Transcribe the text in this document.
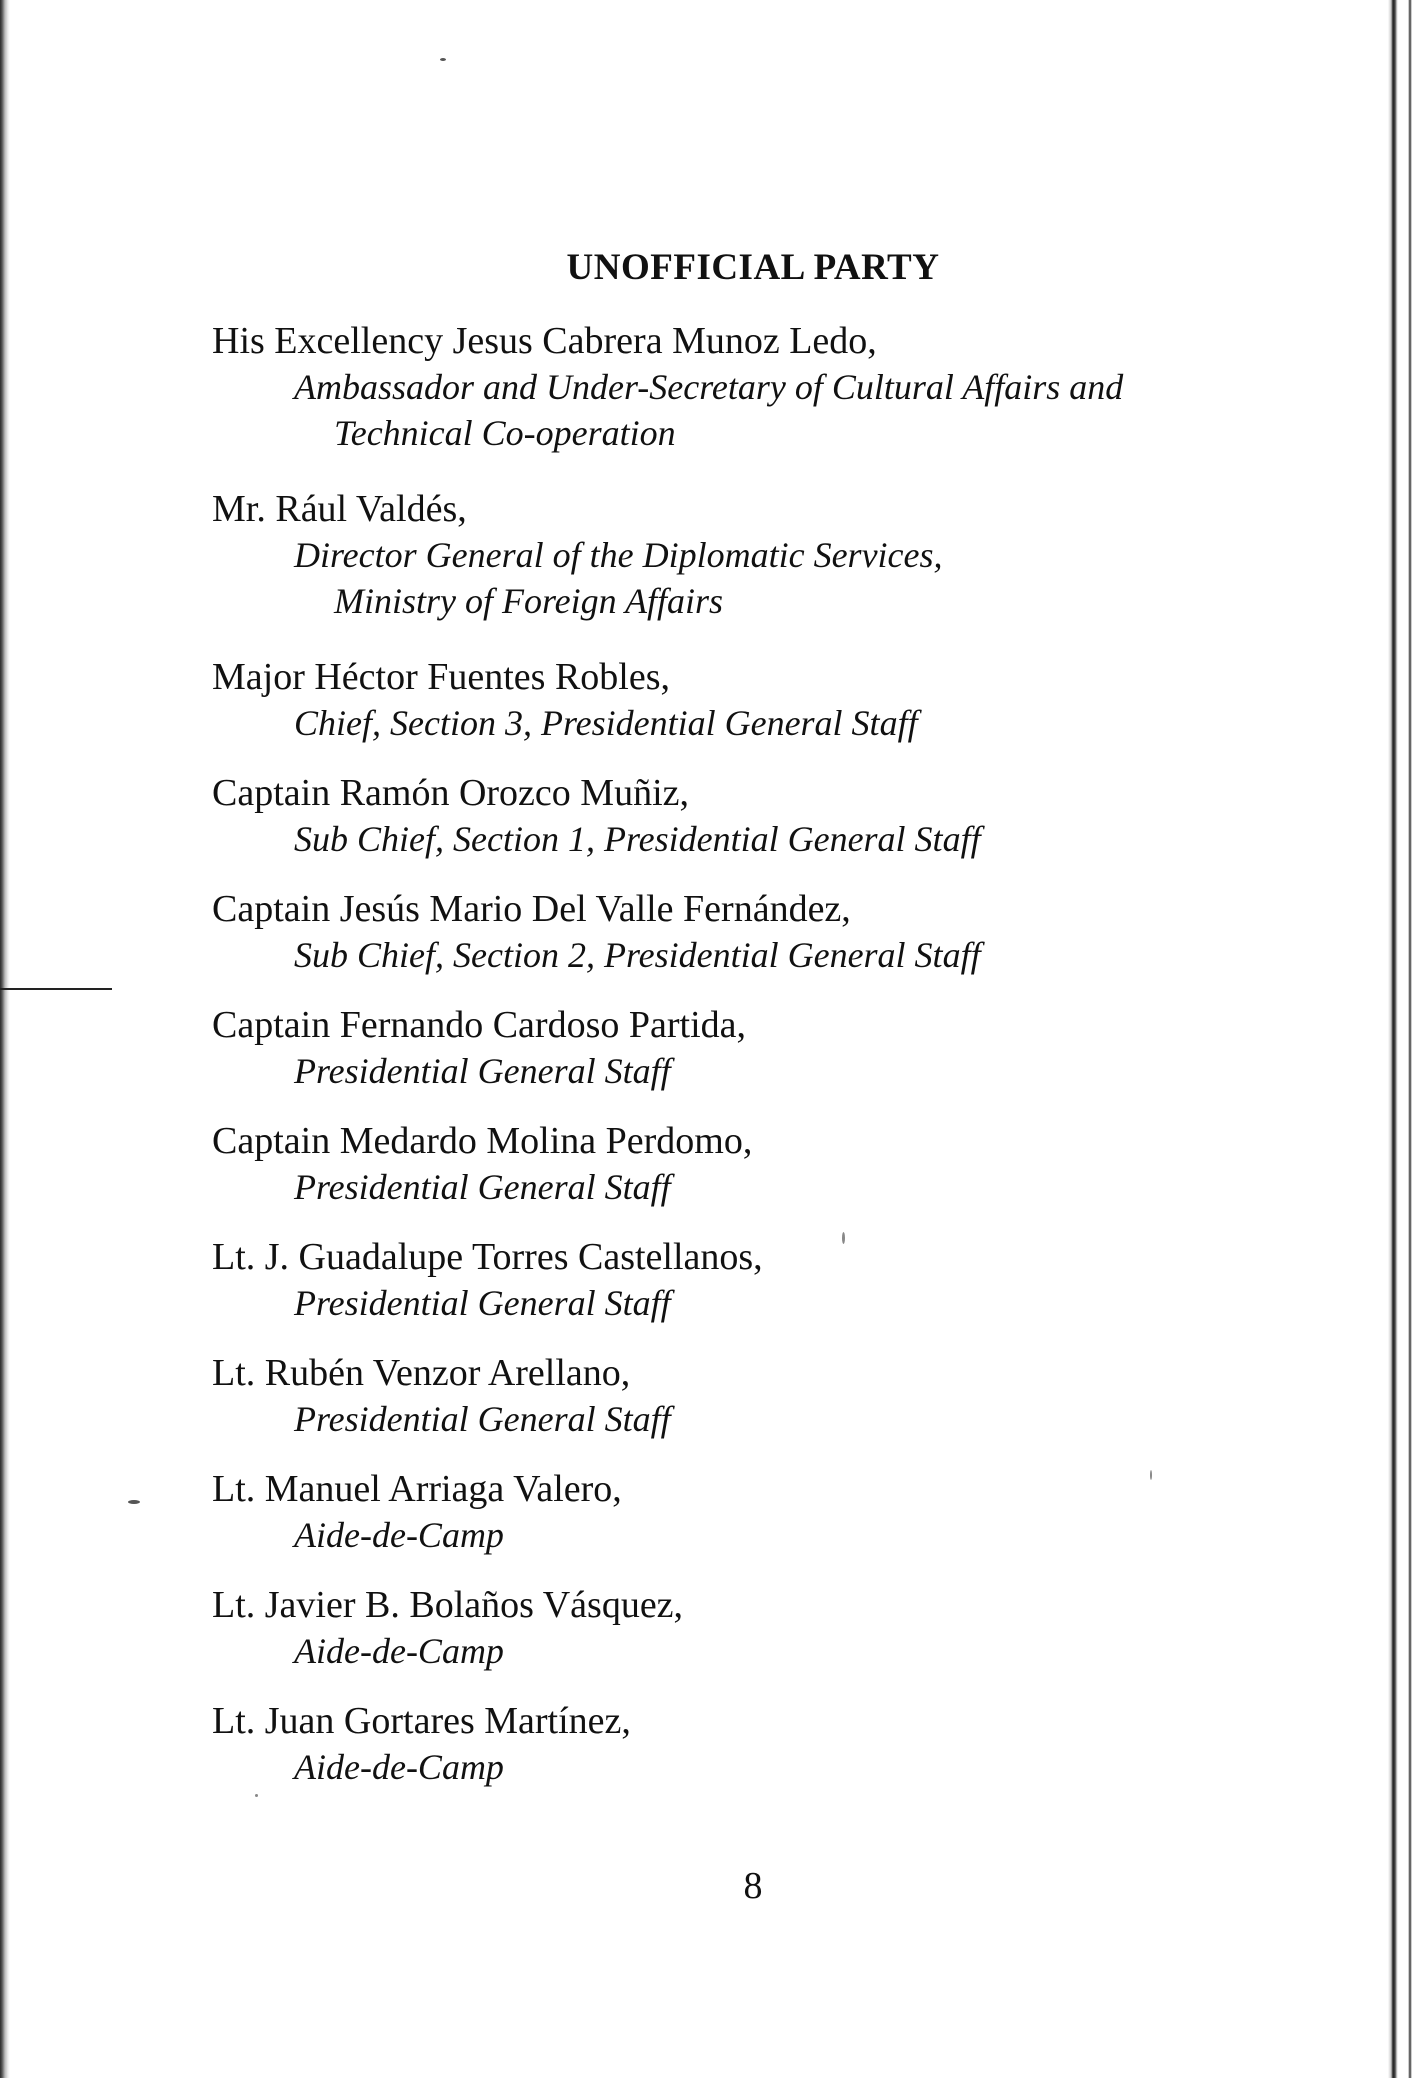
UNOFFICIAL PARTY
His Excellency Jesus Cabrera Munoz Ledo,
Ambassador and Under-Secretary of Cultural Affairs and
Technical Co-operation
Mr. Rául Valdés,
Director General of the Diplomatic Services,
Ministry of Foreign Affairs
Major Héctor Fuentes Robles,
Chief, Section 3, Presidential General Staff
Captain Ramón Orozco Muñiz,
Sub Chief, Section 1, Presidential General Staff
Captain Jesús Mario Del Valle Fernández,
Sub Chief, Section 2, Presidential General Staff
Captain Fernando Cardoso Partida,
Presidential General Staff
Captain Medardo Molina Perdomo,
Presidential General Staff
Lt. J. Guadalupe Torres Castellanos,
Presidential General Staff
Lt. Rubén Venzor Arellano,
Presidential General Staff
Lt. Manuel Arriaga Valero,
Aide-de-Camp
Lt. Javier B. Bolaños Vásquez,
Aide-de-Camp
Lt. Juan Gortares Martínez,
Aide-de-Camp
8
